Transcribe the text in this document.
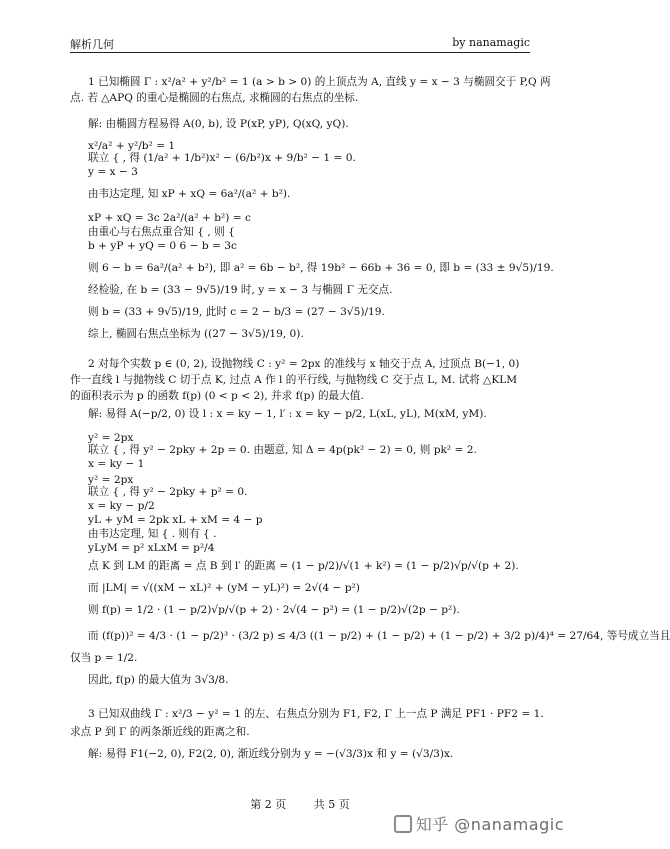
解析几何	by nanamagic
1 已知椭圆 Γ : x²/a² + y²/b² = 1 (a > b > 0) 的上顶点为 A, 直线 y = x − 3 与椭圆交于 P,Q 两
点. 若 △APQ 的重心是椭圆的右焦点, 求椭圆的右焦点的坐标.
解: 由椭圆方程易得 A(0, b), 设 P(xP, yP), Q(xQ, yQ).
x²/a² + y²/b² = 1
联立 { , 得 (1/a² + 1/b²)x² − (6/b²)x + 9/b² − 1 = 0.
y = x − 3
由韦达定理, 知 xP + xQ = 6a²/(a² + b²).
xP + xQ = 3c 2a²/(a² + b²) = c
由重心与右焦点重合知 { , 则 {
b + yP + yQ = 0 6 − b = 3c
则 6 − b = 6a²/(a² + b²), 即 a² = 6b − b², 得 19b² − 66b + 36 = 0, 即 b = (33 ± 9√5)/19.
经检验, 在 b = (33 − 9√5)/19 时, y = x − 3 与椭圆 Γ 无交点.
则 b = (33 + 9√5)/19, 此时 c = 2 − b/3 = (27 − 3√5)/19.
综上, 椭圆右焦点坐标为 ((27 − 3√5)/19, 0).
2 对每个实数 p ∈ (0, 2), 设抛物线 C : y² = 2px 的准线与 x 轴交于点 A, 过顶点 B(−1, 0)
作一直线 l 与抛物线 C 切于点 K, 过点 A 作 l 的平行线, 与抛物线 C 交于点 L, M. 试将 △KLM
的面积表示为 p 的函数 f(p) (0 < p < 2), 并求 f(p) 的最大值.
解: 易得 A(−p/2, 0) 设 l : x = ky − 1, l′ : x = ky − p/2, L(xL, yL), M(xM, yM).
y² = 2px
联立 { , 得 y² − 2pky + 2p = 0. 由题意, 知 Δ = 4p(pk² − 2) = 0, 则 pk² = 2.
x = ky − 1
y² = 2px
联立 { , 得 y² − 2pky + p² = 0.
x = ky − p/2
yL + yM = 2pk xL + xM = 4 − p
由韦达定理, 知 { . 则有 { .
yLyM = p² xLxM = p²/4
点 K 到 LM 的距离 = 点 B 到 l′ 的距离 = (1 − p/2)/√(1 + k²) = (1 − p/2)√p/√(p + 2).
而 |LM| = √((xM − xL)² + (yM − yL)²) = 2√(4 − p²)
则 f(p) = 1/2 · (1 − p/2)√p/√(p + 2) · 2√(4 − p²) = (1 − p/2)√(2p − p²).
而 (f(p))² = 4/3 · (1 − p/2)³ · (3/2 p) ≤ 4/3 ((1 − p/2) + (1 − p/2) + (1 − p/2) + 3/2 p)/4)⁴ = 27/64, 等号成立当且
仅当 p = 1/2.
因此, f(p) 的最大值为 3√3/8.
3 已知双曲线 Γ : x²/3 − y² = 1 的左、右焦点分别为 F1, F2, Γ 上一点 P 满足 PF1 · PF2 = 1.
求点 P 到 Γ 的两条渐近线的距离之和.
解: 易得 F1(−2, 0), F2(2, 0), 渐近线分别为 y = −(√3/3)x 和 y = (√3/3)x.
第 2 页	共 5 页
知乎 @nanamagic
